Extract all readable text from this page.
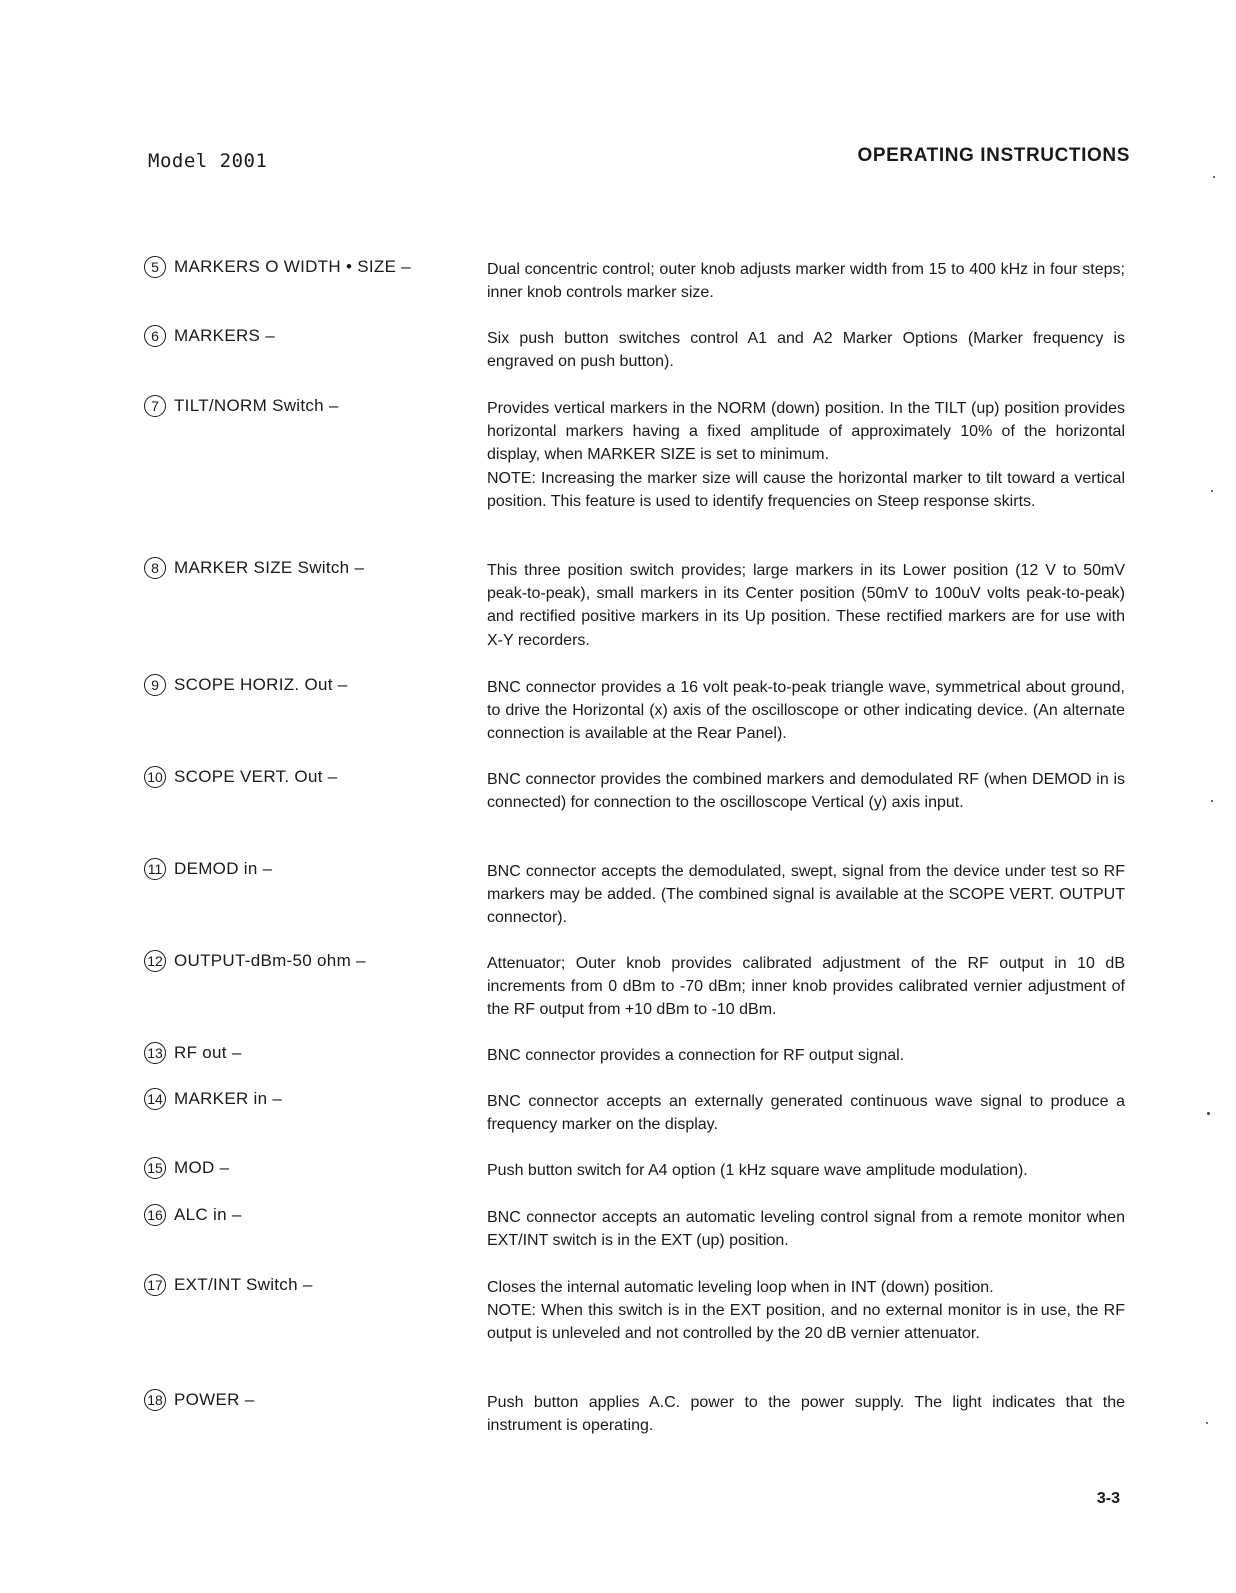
Model 2001	OPERATING INSTRUCTIONS
5 MARKERS O WIDTH • SIZE –	Dual concentric control; outer knob adjusts marker width from 15 to 400 kHz in four steps; inner knob controls marker size.
6 MARKERS –	Six push button switches control A1 and A2 Marker Options (Marker frequency is engraved on push button).
7 TILT/NORM Switch –	Provides vertical markers in the NORM (down) position. In the TILT (up) position provides horizontal markers having a fixed amplitude of approximately 10% of the horizontal display, when MARKER SIZE is set to minimum.
NOTE: Increasing the marker size will cause the horizontal marker to tilt toward a vertical position. This feature is used to identify frequencies on Steep response skirts.
8 MARKER SIZE Switch –	This three position switch provides; large markers in its Lower position (12 V to 50mV peak-to-peak), small markers in its Center position (50mV to 100uV volts peak-to-peak) and rectified positive markers in its Up position. These rectified markers are for use with X-Y recorders.
9 SCOPE HORIZ. Out –	BNC connector provides a 16 volt peak-to-peak triangle wave, symmetrical about ground, to drive the Horizontal (x) axis of the oscilloscope or other indicating device. (An alternate connection is available at the Rear Panel).
10 SCOPE VERT. Out –	BNC connector provides the combined markers and demodulated RF (when DEMOD in is connected) for connection to the oscilloscope Vertical (y) axis input.
11 DEMOD in –	BNC connector accepts the demodulated, swept, signal from the device under test so RF markers may be added. (The combined signal is available at the SCOPE VERT. OUTPUT connector).
12 OUTPUT-dBm-50 ohm –	Attenuator; Outer knob provides calibrated adjustment of the RF output in 10 dB increments from 0 dBm to -70 dBm; inner knob provides calibrated vernier adjustment of the RF output from +10 dBm to -10 dBm.
13 RF out –	BNC connector provides a connection for RF output signal.
14 MARKER in –	BNC connector accepts an externally generated continuous wave signal to produce a frequency marker on the display.
15 MOD –	Push button switch for A4 option (1 kHz square wave amplitude modulation).
16 ALC in –	BNC connector accepts an automatic leveling control signal from a remote monitor when EXT/INT switch is in the EXT (up) position.
17 EXT/INT Switch –	Closes the internal automatic leveling loop when in INT (down) position.
NOTE: When this switch is in the EXT position, and no external monitor is in use, the RF output is unleveled and not controlled by the 20 dB vernier attenuator.
18 POWER –	Push button applies A.C. power to the power supply. The light indicates that the instrument is operating.
3-3
